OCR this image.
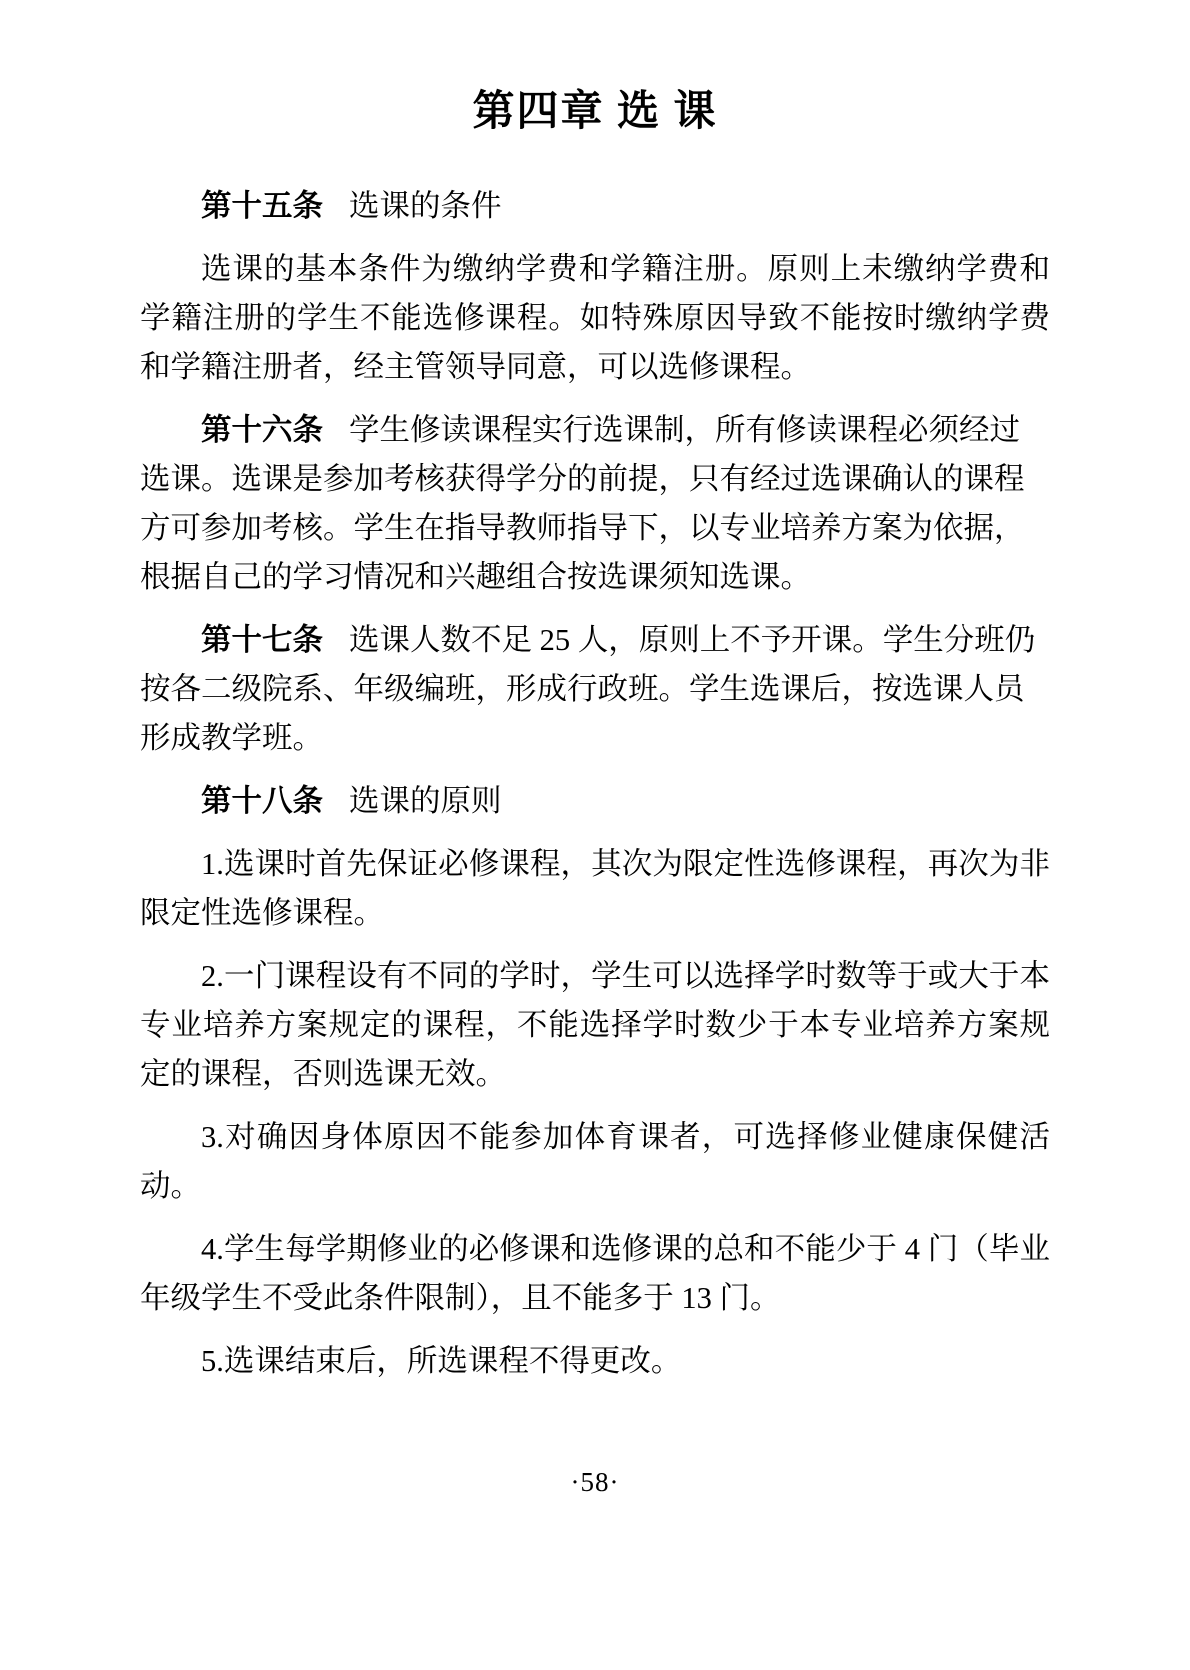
第四章 选 课

第十五条 选课的条件

选课的基本条件为缴纳学费和学籍注册。原则上未缴纳学费和学籍注册的学生不能选修课程。如特殊原因导致不能按时缴纳学费和学籍注册者，经主管领导同意，可以选修课程。

第十六条 学生修读课程实行选课制，所有修读课程必须经过选课。选课是参加考核获得学分的前提，只有经过选课确认的课程方可参加考核。学生在指导教师指导下，以专业培养方案为依据，根据自己的学习情况和兴趣组合按选课须知选课。

第十七条 选课人数不足 25 人，原则上不予开课。学生分班仍按各二级院系、年级编班，形成行政班。学生选课后，按选课人员形成教学班。

第十八条 选课的原则

1.选课时首先保证必修课程，其次为限定性选修课程，再次为非限定性选修课程。

2.一门课程设有不同的学时，学生可以选择学时数等于或大于本专业培养方案规定的课程，不能选择学时数少于本专业培养方案规定的课程，否则选课无效。

3.对确因身体原因不能参加体育课者，可选择修业健康保健活动。

4.学生每学期修业的必修课和选修课的总和不能少于 4 门（毕业年级学生不受此条件限制），且不能多于 13 门。

5.选课结束后，所选课程不得更改。

·58·
